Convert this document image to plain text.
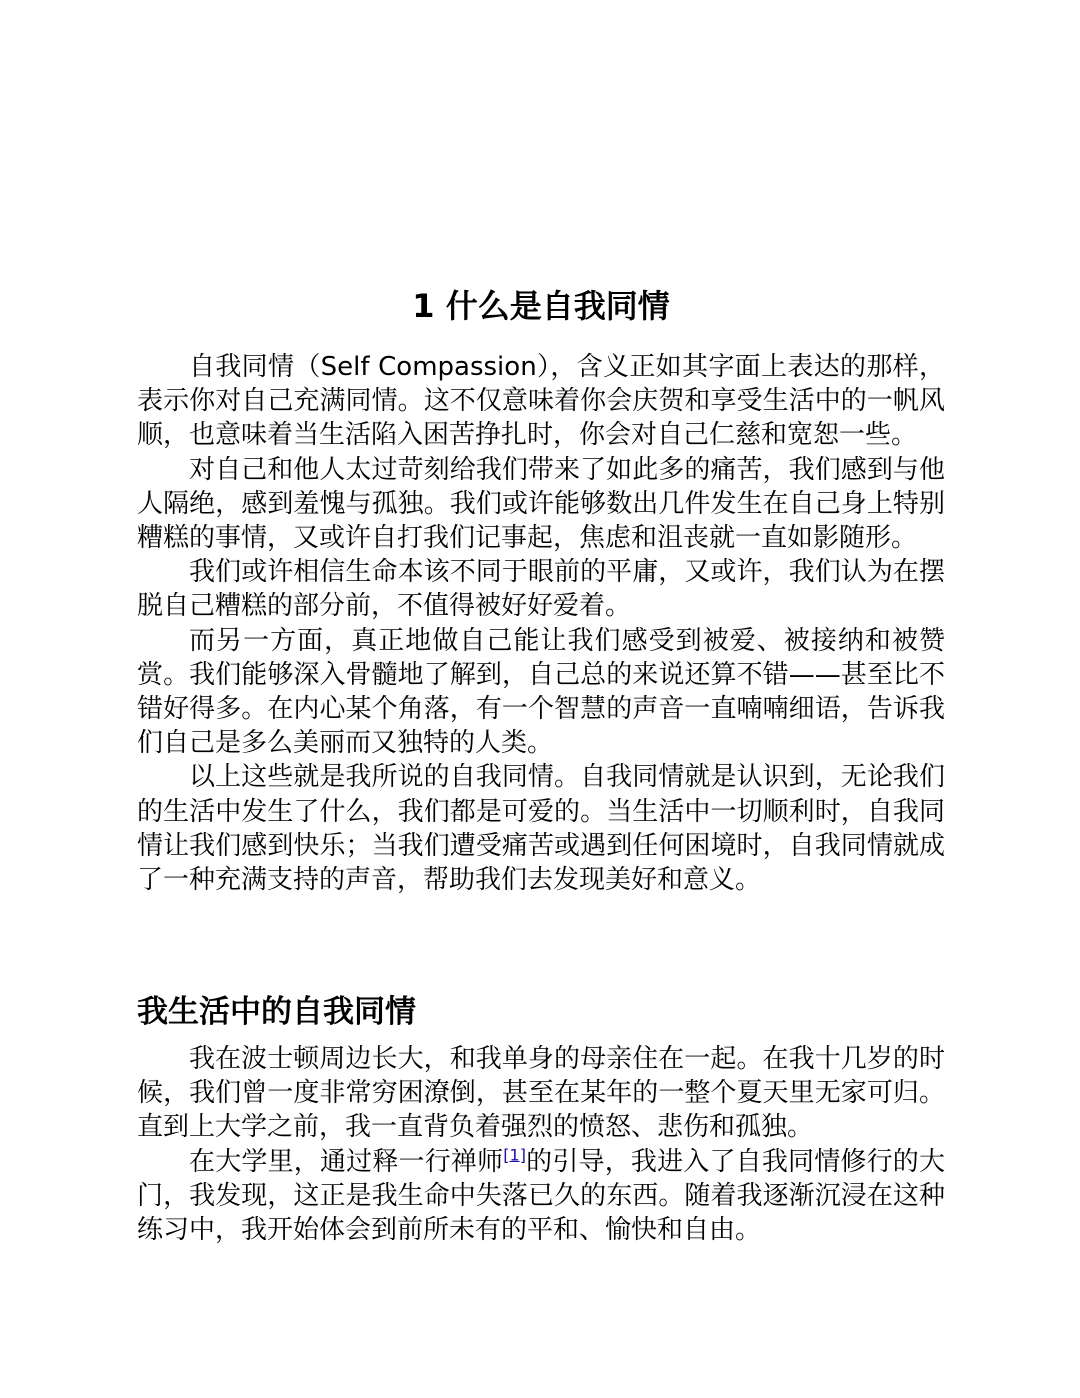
1 什么是自我同情

自我同情（Self Compassion），含义正如其字面上表达的那样，表示你对自己充满同情。这不仅意味着你会庆贺和享受生活中的一帆风顺，也意味着当生活陷入困苦挣扎时，你会对自己仁慈和宽恕一些。

对自己和他人太过苛刻给我们带来了如此多的痛苦，我们感到与他人隔绝，感到羞愧与孤独。我们或许能够数出几件发生在自己身上特别糟糕的事情，又或许自打我们记事起，焦虑和沮丧就一直如影随形。

我们或许相信生命本该不同于眼前的平庸，又或许，我们认为在摆脱自己糟糕的部分前，不值得被好好爱着。

而另一方面，真正地做自己能让我们感受到被爱、被接纳和被赞赏。我们能够深入骨髓地了解到，自己总的来说还算不错——甚至比不错好得多。在内心某个角落，有一个智慧的声音一直喃喃细语，告诉我们自己是多么美丽而又独特的人类。

以上这些就是我所说的自我同情。自我同情就是认识到，无论我们的生活中发生了什么，我们都是可爱的。当生活中一切顺利时，自我同情让我们感到快乐；当我们遭受痛苦或遇到任何困境时，自我同情就成了一种充满支持的声音，帮助我们去发现美好和意义。

我生活中的自我同情

我在波士顿周边长大，和我单身的母亲住在一起。在我十几岁的时候，我们曾一度非常穷困潦倒，甚至在某年的一整个夏天里无家可归。直到上大学之前，我一直背负着强烈的愤怒、悲伤和孤独。

在大学里，通过释一行禅师[1]的引导，我进入了自我同情修行的大门，我发现，这正是我生命中失落已久的东西。随着我逐渐沉浸在这种练习中，我开始体会到前所未有的平和、愉快和自由。
